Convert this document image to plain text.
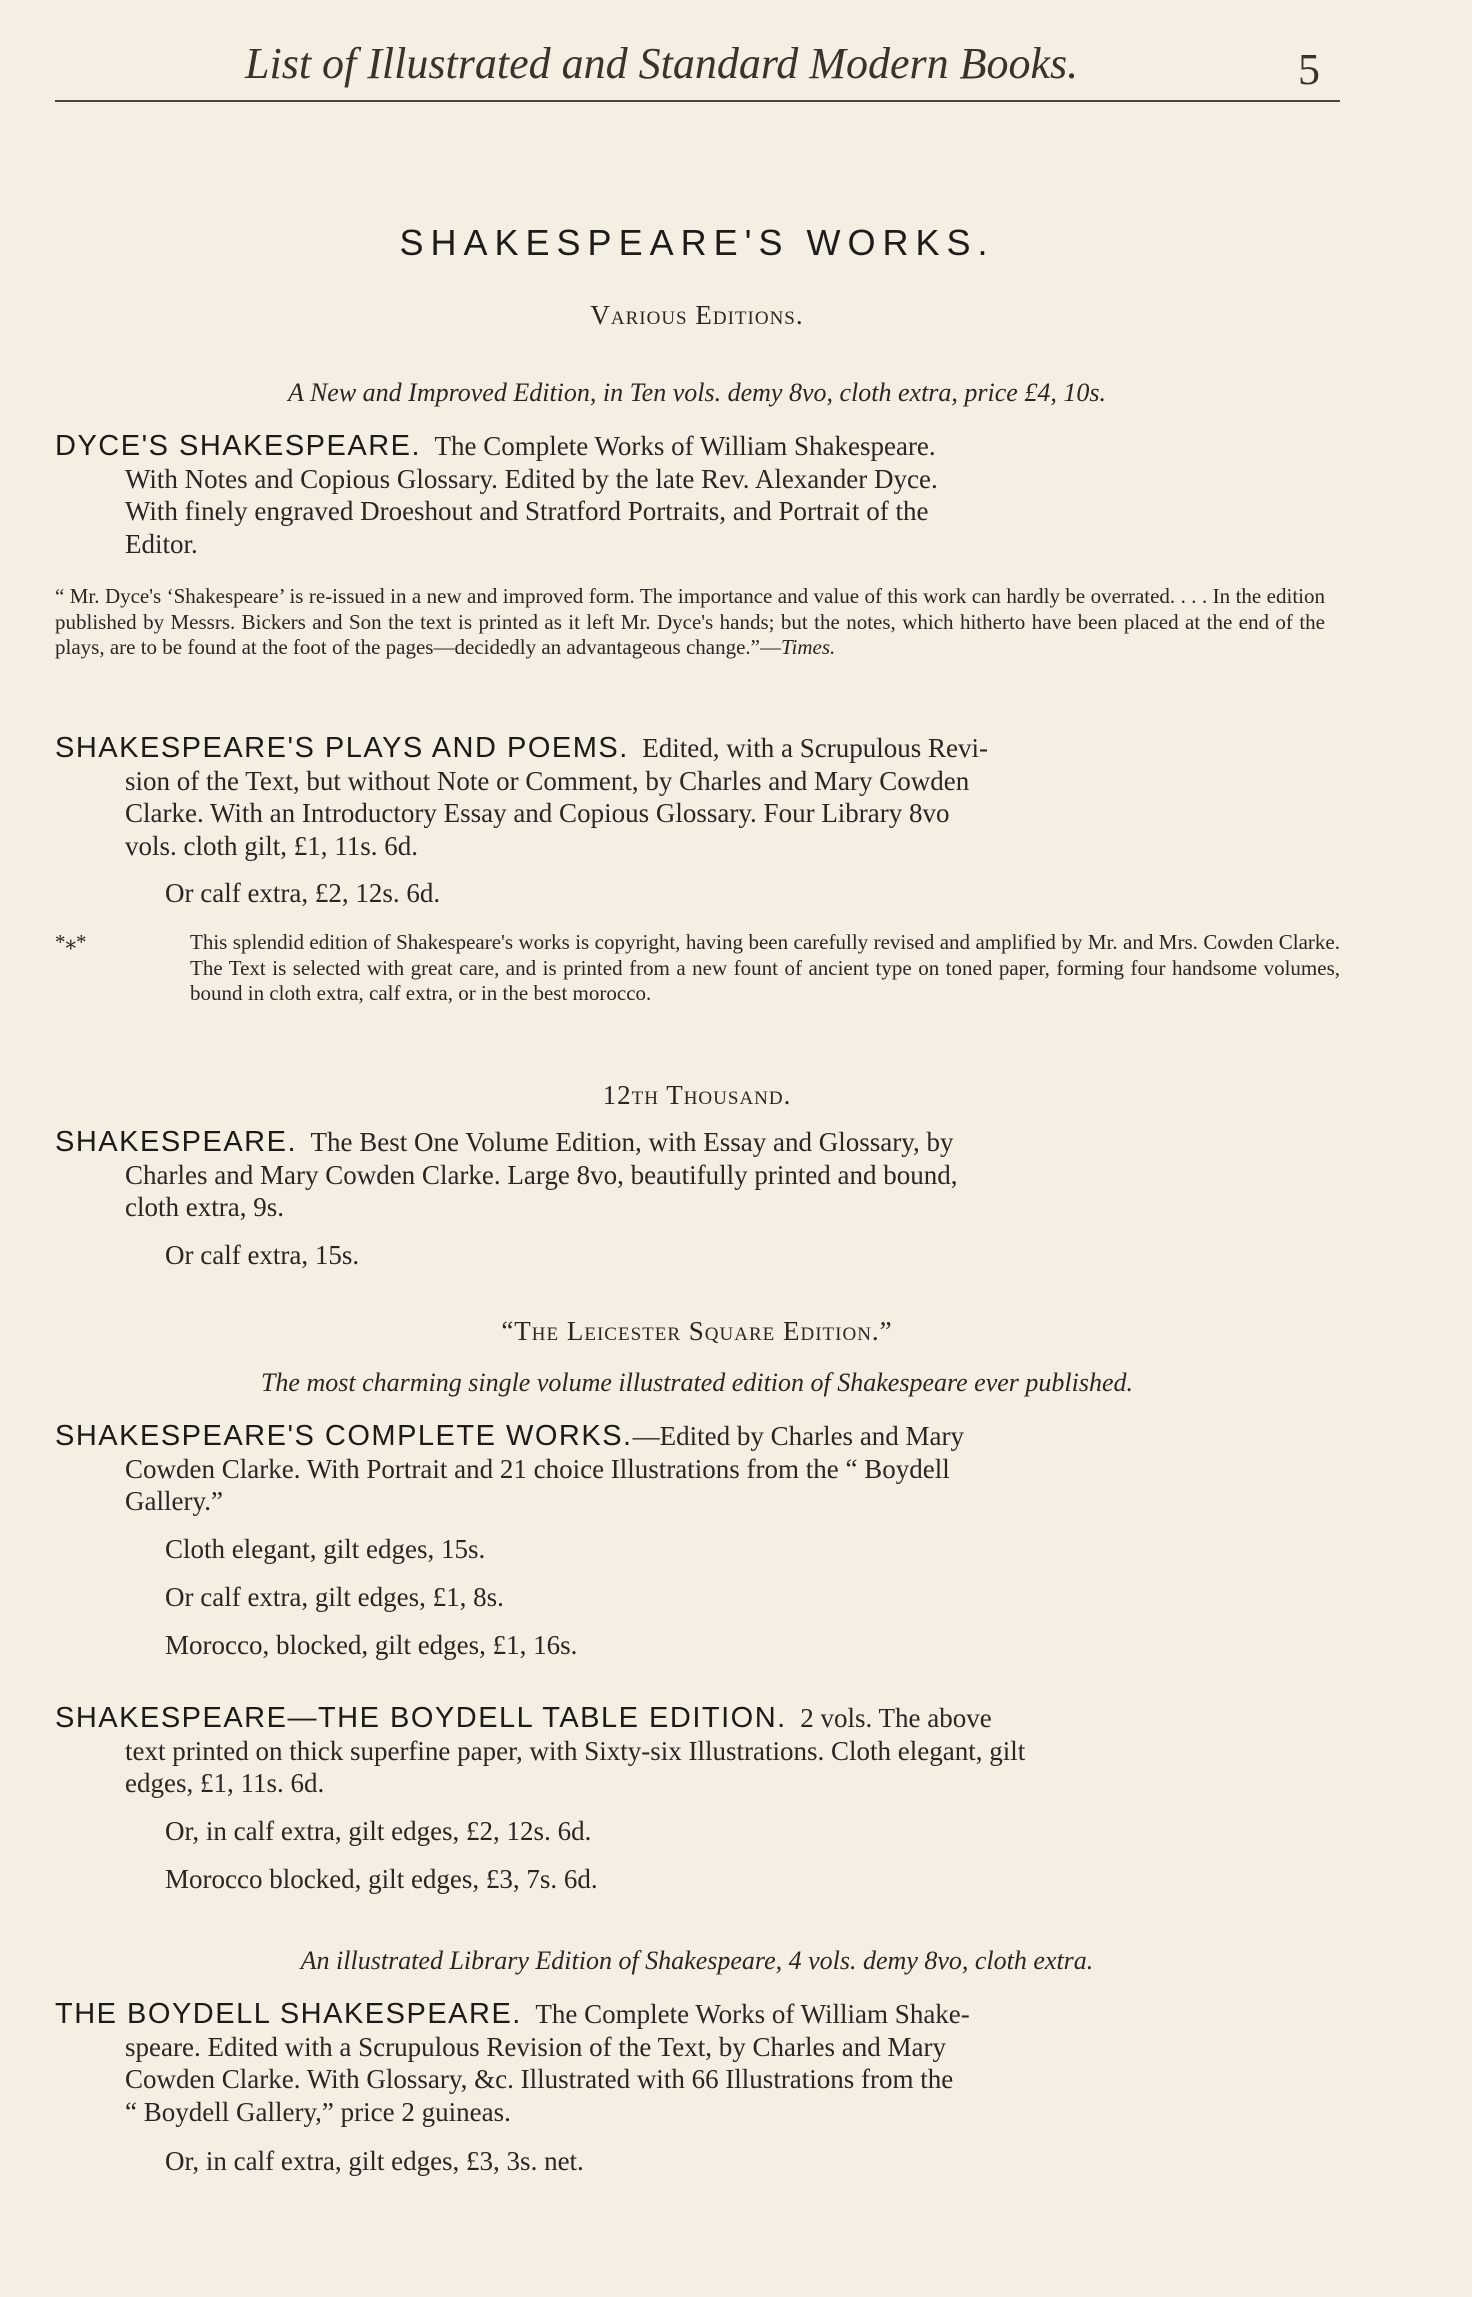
List of Illustrated and Standard Modern Books.	5
SHAKESPEARE'S WORKS.
Various Editions.
A New and Improved Edition, in Ten vols. demy 8vo, cloth extra, price £4, 10s.

DYCE'S SHAKESPEARE. The Complete Works of William Shakespeare.
With Notes and Copious Glossary. Edited by the late Rev. Alexander Dyce.
With finely engraved Droeshout and Stratford Portraits, and Portrait of the
Editor.

“ Mr. Dyce's ‘Shakespeare’ is re-issued in a new and improved form. The importance and value of this work can hardly be overrated. . . . In the edition published by Messrs. Bickers and Son the text is printed as it left Mr. Dyce's hands; but the notes, which hitherto have been placed at the end of the plays, are to be found at the foot of the pages—decidedly an advantageous change.”—Times.

SHAKESPEARE'S PLAYS AND POEMS. Edited, with a Scrupulous Revi-
sion of the Text, but without Note or Comment, by Charles and Mary Cowden
Clarke. With an Introductory Essay and Copious Glossary. Four Library 8vo
vols. cloth gilt, £1, 11s. 6d.

Or calf extra, £2, 12s. 6d.
*⁎*	This splendid edition of Shakespeare's works is copyright, having been carefully revised and amplified by Mr. and Mrs. Cowden Clarke. The Text is selected with great care, and is printed from a new fount of ancient type on toned paper, forming four handsome volumes, bound in cloth extra, calf extra, or in the best morocco.
12th Thousand.

SHAKESPEARE. The Best One Volume Edition, with Essay and Glossary, by
Charles and Mary Cowden Clarke. Large 8vo, beautifully printed and bound,
cloth extra, 9s.

Or calf extra, 15s.
“The Leicester Square Edition.”
The most charming single volume illustrated edition of Shakespeare ever published.

SHAKESPEARE'S COMPLETE WORKS.—Edited by Charles and Mary
Cowden Clarke. With Portrait and 21 choice Illustrations from the “ Boydell
Gallery.”

Cloth elegant, gilt edges, 15s.
Or calf extra, gilt edges, £1, 8s.
Morocco, blocked, gilt edges, £1, 16s.

SHAKESPEARE—THE BOYDELL TABLE EDITION. 2 vols. The above
text printed on thick superfine paper, with Sixty-six Illustrations. Cloth elegant, gilt
edges, £1, 11s. 6d.

Or, in calf extra, gilt edges, £2, 12s. 6d.
Morocco blocked, gilt edges, £3, 7s. 6d.
An illustrated Library Edition of Shakespeare, 4 vols. demy 8vo, cloth extra.

THE BOYDELL SHAKESPEARE. The Complete Works of William Shake-
speare. Edited with a Scrupulous Revision of the Text, by Charles and Mary
Cowden Clarke. With Glossary, &c. Illustrated with 66 Illustrations from the
“ Boydell Gallery,” price 2 guineas.

Or, in calf extra, gilt edges, £3, 3s. net.
